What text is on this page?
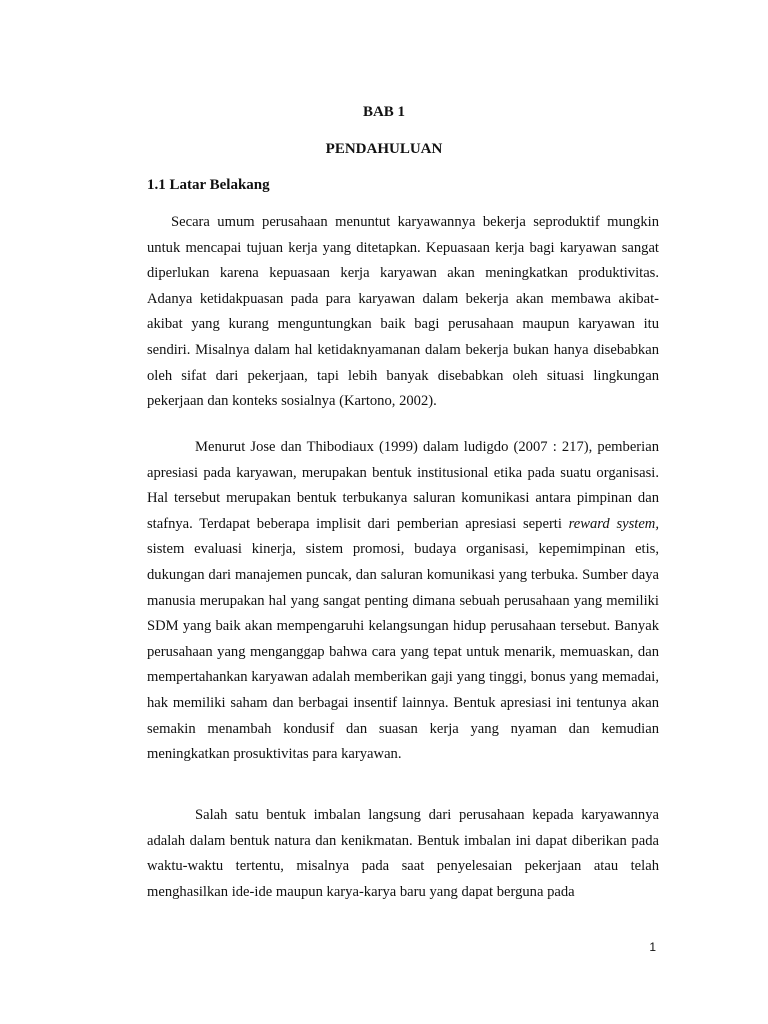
BAB 1
PENDAHULUAN
1.1 Latar Belakang

Secara umum perusahaan menuntut karyawannya bekerja seproduktif mungkin untuk mencapai tujuan kerja yang ditetapkan. Kepuasaan kerja bagi karyawan sangat diperlukan karena kepuasaan kerja karyawan akan meningkatkan produktivitas. Adanya ketidakpuasan pada para karyawan dalam bekerja akan membawa akibat-akibat yang kurang menguntungkan baik bagi perusahaan maupun karyawan itu sendiri. Misalnya dalam hal ketidaknyamanan dalam bekerja bukan hanya disebabkan oleh sifat dari pekerjaan, tapi lebih banyak disebabkan oleh situasi lingkungan pekerjaan dan konteks sosialnya (Kartono, 2002).

Menurut Jose dan Thibodiaux (1999) dalam ludigdo (2007 : 217), pemberian apresiasi pada karyawan, merupakan bentuk institusional etika pada suatu organisasi. Hal tersebut merupakan bentuk terbukanya saluran komunikasi antara pimpinan dan stafnya. Terdapat beberapa implisit dari pemberian apresiasi seperti reward system, sistem evaluasi kinerja, sistem promosi, budaya organisasi, kepemimpinan etis, dukungan dari manajemen puncak, dan saluran komunikasi yang terbuka. Sumber daya manusia merupakan hal yang sangat penting dimana sebuah perusahaan yang memiliki SDM yang baik akan mempengaruhi kelangsungan hidup perusahaan tersebut. Banyak perusahaan yang menganggap bahwa cara yang tepat untuk menarik, memuaskan, dan mempertahankan karyawan adalah memberikan gaji yang tinggi, bonus yang memadai, hak memiliki saham dan berbagai insentif lainnya. Bentuk apresiasi ini tentunya akan semakin menambah kondusif dan suasan kerja yang nyaman dan kemudian meningkatkan prosuktivitas para karyawan.

Salah satu bentuk imbalan langsung dari perusahaan kepada karyawannya adalah dalam bentuk natura dan kenikmatan. Bentuk imbalan ini dapat diberikan pada waktu-waktu tertentu, misalnya pada saat penyelesaian pekerjaan atau telah menghasilkan ide-ide maupun karya-karya baru yang dapat berguna pada

1
